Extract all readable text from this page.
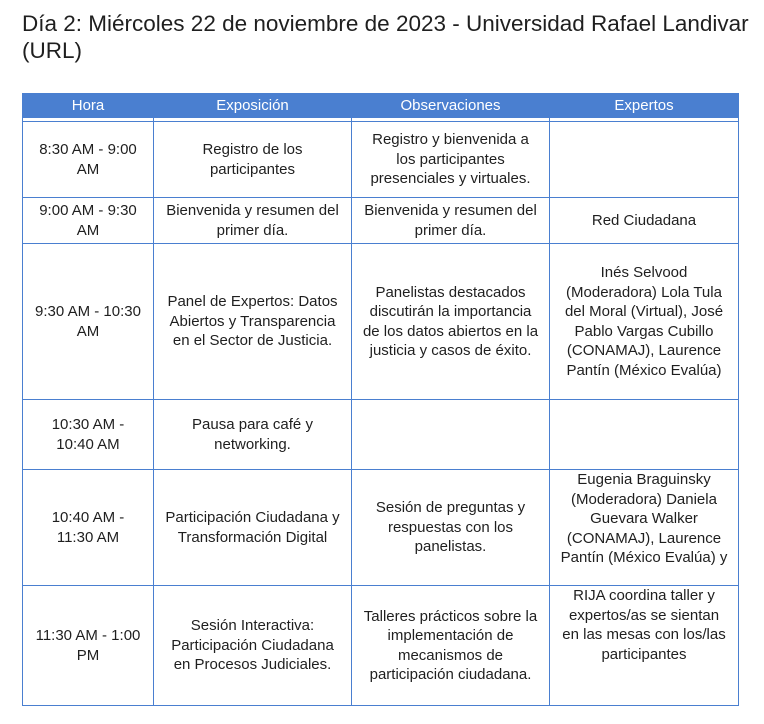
Día 2: Miércoles 22 de noviembre de 2023 - Universidad Rafael Landivar (URL)
Hora	Exposición	Observaciones	Expertos

8:30 AM - 9:00 AM	Registro de los participantes	Registro y bienvenida a los participantes presenciales y virtuales.	
9:00 AM - 9:30 AM	Bienvenida y resumen del primer día.	Bienvenida y resumen del primer día.	Red Ciudadana
9:30 AM - 10:30 AM	Panel de Expertos: Datos Abiertos y Transparencia en el Sector de Justicia.	Panelistas destacados discutirán la importancia de los datos abiertos en la justicia y casos de éxito.	Inés Selvood (Moderadora) Lola Tula del Moral (Virtual), José Pablo Vargas Cubillo (CONAMAJ), Laurence Pantín (México Evalúa)
10:30 AM - 10:40 AM	Pausa para café y networking.		
10:40 AM - 11:30 AM	Participación Ciudadana y Transformación Digital	Sesión de preguntas y respuestas con los panelistas.	Eugenia Braguinsky (Moderadora) Daniela Guevara Walker (CONAMAJ), Laurence Pantín (México Evalúa) y
11:30 AM - 1:00 PM	Sesión Interactiva: Participación Ciudadana en Procesos Judiciales.	Talleres prácticos sobre la implementación de mecanismos de participación ciudadana.	RIJA coordina taller y expertos/as se sientan en las mesas con los/las participantes
